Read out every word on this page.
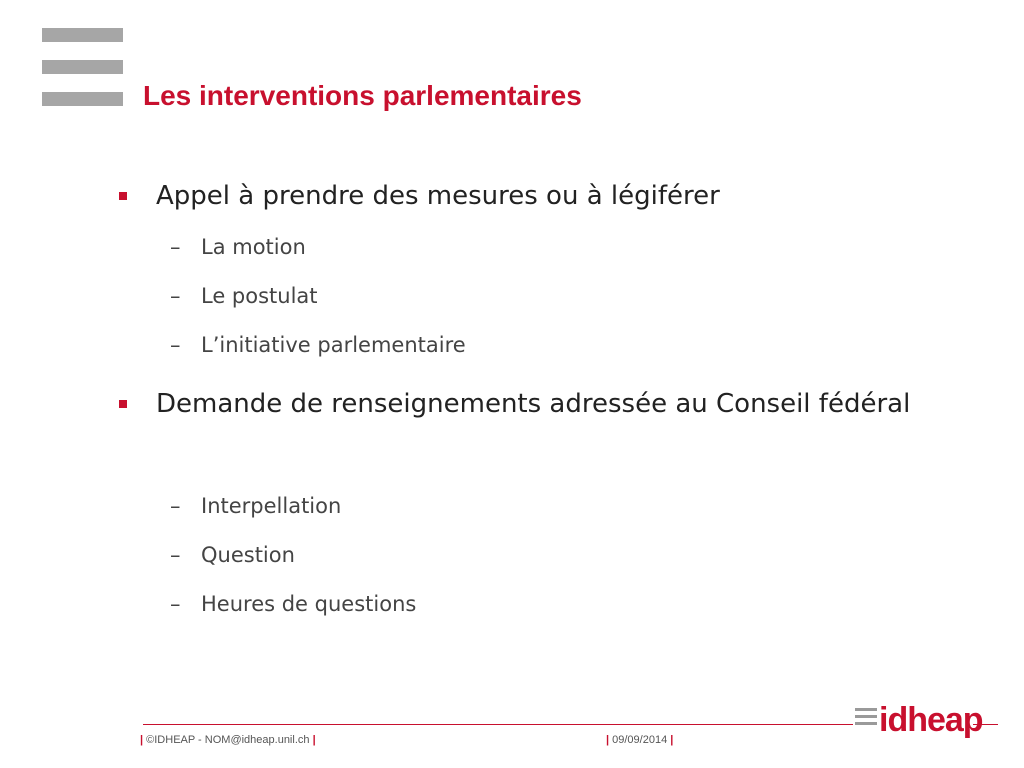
Les interventions parlementaires
Appel à prendre des mesures ou à légiférer
– La motion
– Le postulat
– L’initiative parlementaire
Demande de renseignements adressée au Conseil fédéral
– Interpellation
– Question
– Heures de questions
| ©IDHEAP - NOM@idheap.unil.ch |	| 09/09/2014 |
idheap
